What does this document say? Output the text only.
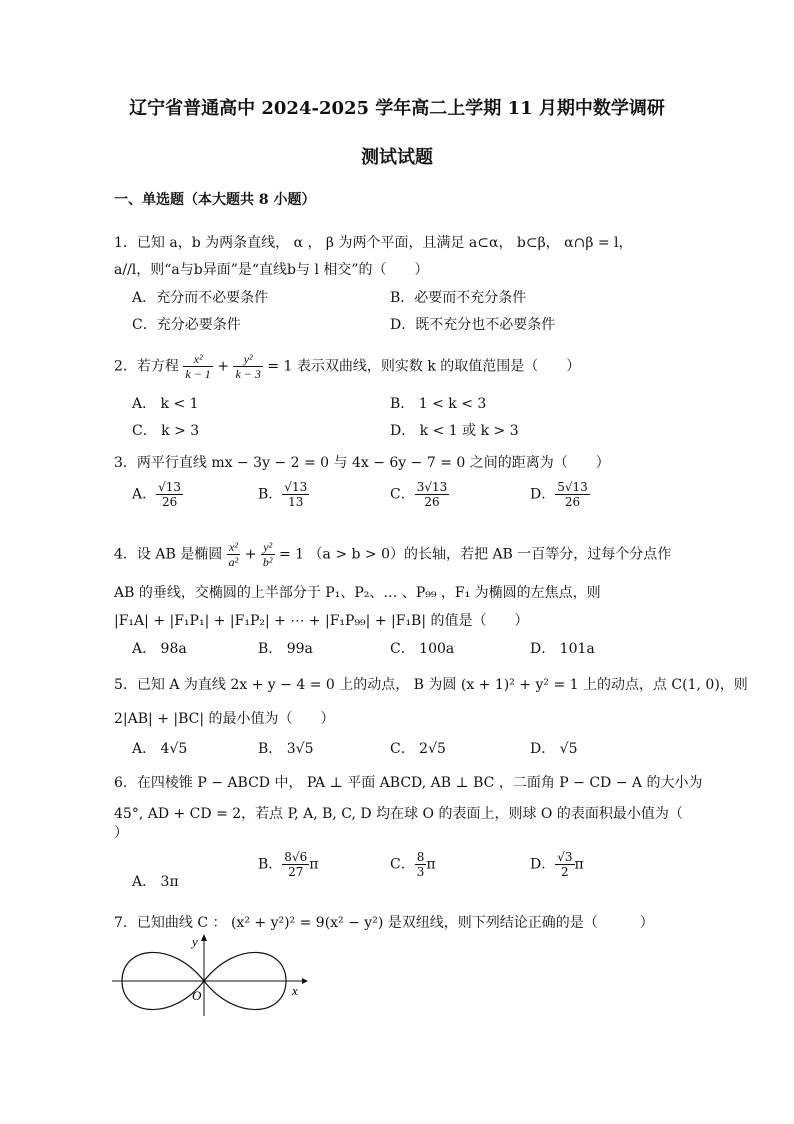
辽宁省普通高中 2024-2025 学年高二上学期 11 月期中数学调研
测试试题
一、单选题（本大题共 8 小题）
1．已知 a，b 为两条直线， α ， β 为两个平面，且满足 a⊂α， b⊂β， α∩β = l，
a//l，则“a与b异面”是“直线b与 l 相交”的（　　）
A．充分而不必要条件	B．必要而不充分条件
C．充分必要条件	D．既不充分也不必要条件
2．若方程 $\frac{\text{x²}}{k - 1} + \frac{\text{y²}}{k - 3} = 1$ 表示双曲线，则实数 k 的取值范围是（　　）
A． k < 1	B． 1 < k < 3
C． k > 3	D． k < 1 或 k > 3
3．两平行直线 mx − 3y − 2 = 0 与 4x − 6y − 7 = 0 之间的距离为（　　）
A． $\frac{√13}{26}$	B． $\frac{√13}{13}$	C． $\frac{3√13}{26}$	D． $\frac{5√13}{26}$
4．设 AB 是椭圆 $\frac{\text{x²}}{\text{a²}} + \frac{\text{y²}}{\text{b²}} = 1$ （a > b > 0）的长轴，若把 AB 一百等分，过每个分点作
AB 的垂线，交椭圆的上半部分于 P₁、P₂、… 、P₉₉ ，F₁ 为椭圆的左焦点，则
|F₁A| + |F₁P₁| + |F₁P₂| + ⋯ + |F₁P₉₉| + |F₁B| 的值是（　　）
A． 98a	B． 99a	C． 100a	D． 101a
5．已知 A 为直线 2x + y − 4 = 0 上的动点， B 为圆 (x + 1)² + y² = 1 上的动点，点 C(1, 0)，则
2|AB| + |BC| 的最小值为（　　）
A． 4√5	B． 3√5	C． 2√5	D． √5
6．在四棱锥 P − ABCD 中， PA ⊥ 平面 ABCD, AB ⊥ BC ，二面角 P − CD − A 的大小为
45°, AD + CD = 2，若点 P, A, B, C, D 均在球 O 的表面上，则球 O 的表面积最小值为（
）
A． 3π
B． $\frac{8√6}{27}$ π	C． $\frac{8}{3}$ π	D． $\frac{√3}{2}$ π
7．已知曲线 C ： (x² + y²)² = 9(x² − y²) 是双纽线，则下列结论正确的是（　　　）
y
x
O
